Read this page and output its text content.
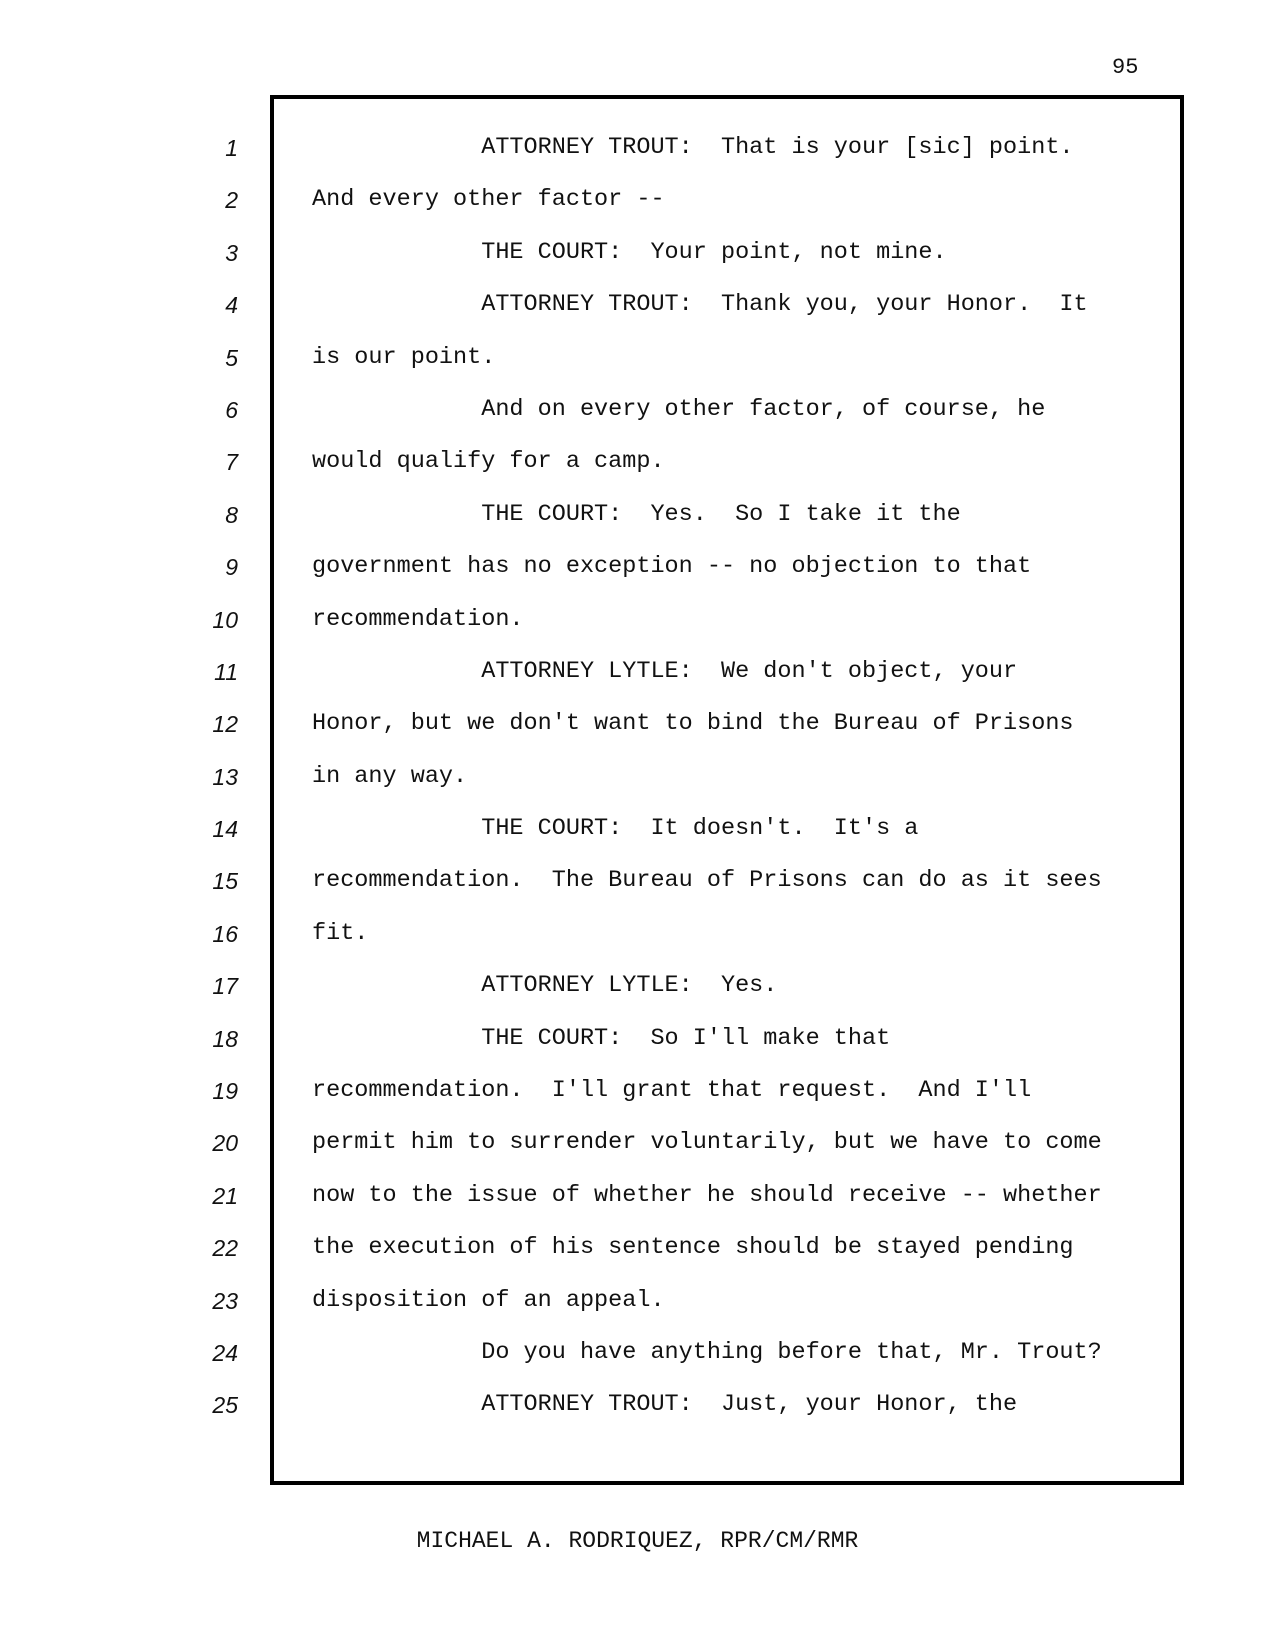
95
1
2
3
4
5
6
7
8
9
10
11
12
13
14
15
16
17
18
19
20
21
22
23
24
25
ATTORNEY TROUT:  That is your [sic] point.
And every other factor --
THE COURT:  Your point, not mine.
ATTORNEY TROUT:  Thank you, your Honor.  It
is our point.
And on every other factor, of course, he
would qualify for a camp.
THE COURT:  Yes.  So I take it the
government has no exception -- no objection to that
recommendation.
ATTORNEY LYTLE:  We don't object, your
Honor, but we don't want to bind the Bureau of Prisons
in any way.
THE COURT:  It doesn't.  It's a
recommendation.  The Bureau of Prisons can do as it sees
fit.
ATTORNEY LYTLE:  Yes.
THE COURT:  So I'll make that
recommendation.  I'll grant that request.  And I'll
permit him to surrender voluntarily, but we have to come
now to the issue of whether he should receive -- whether
the execution of his sentence should be stayed pending
disposition of an appeal.
Do you have anything before that, Mr. Trout?
ATTORNEY TROUT:  Just, your Honor, the
MICHAEL A. RODRIQUEZ, RPR/CM/RMR
